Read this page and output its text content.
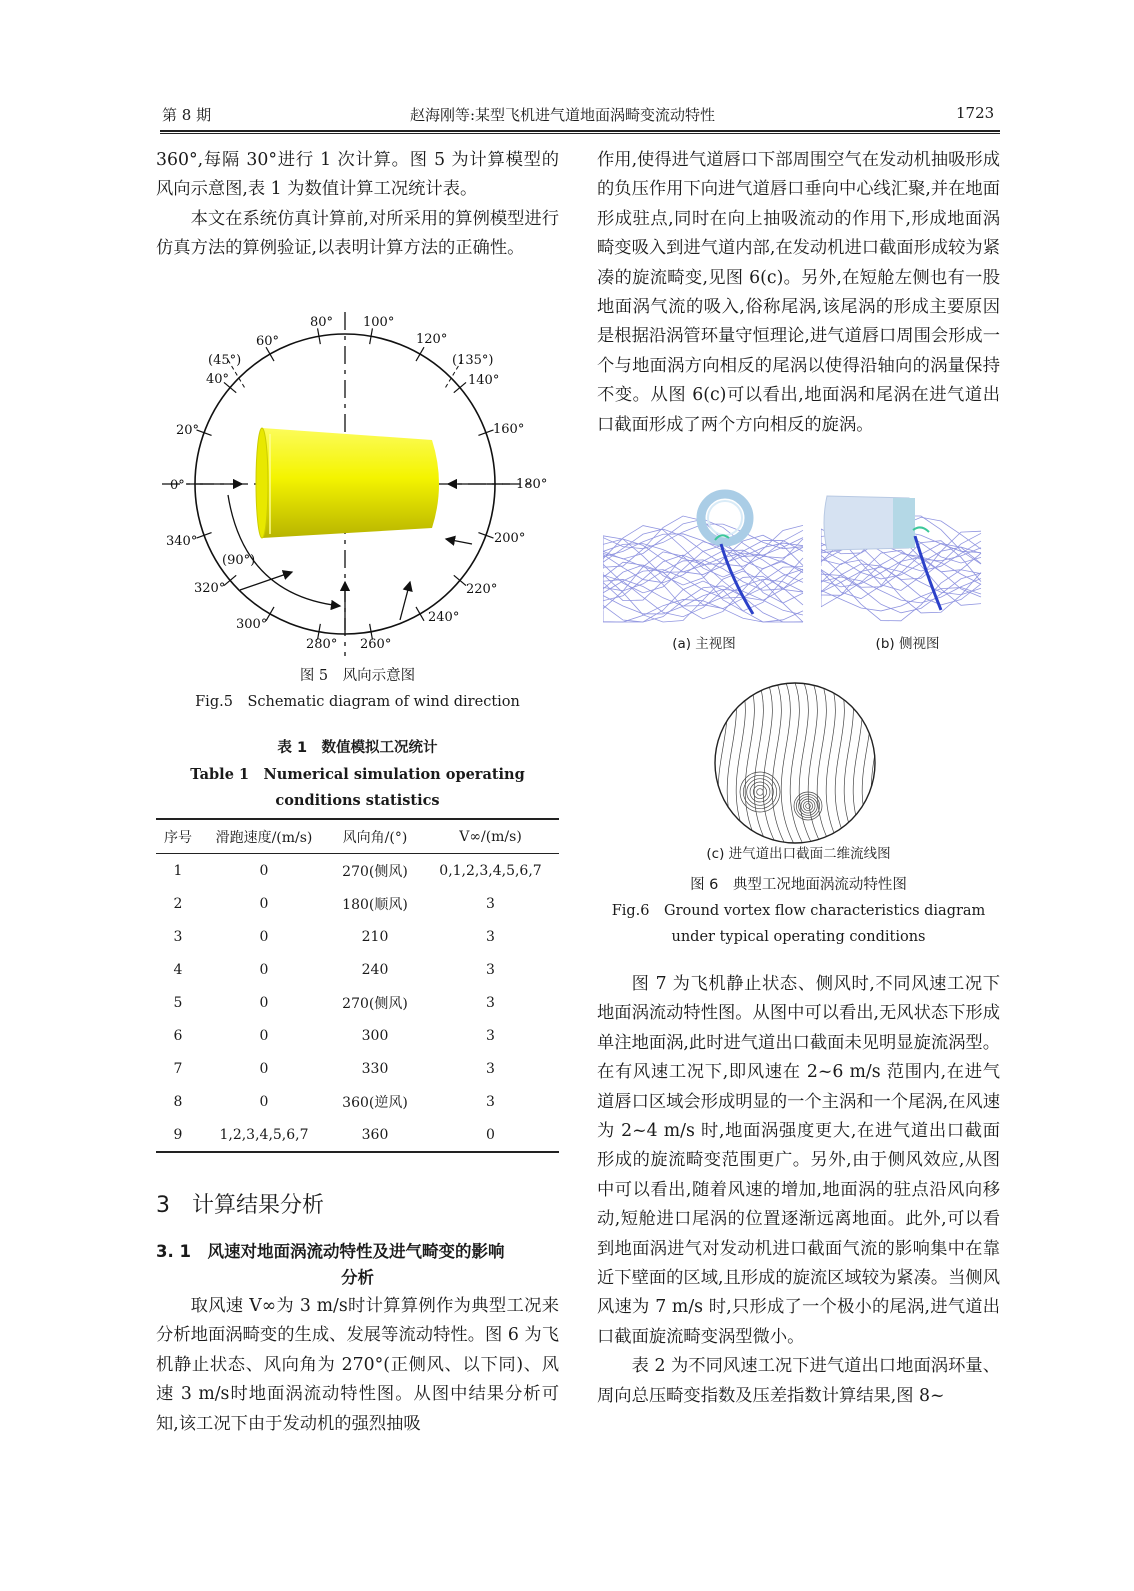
第 8 期	赵海刚等:某型飞机进气道地面涡畸变流动特性	1723

360°,每隔 30°进行 1 次计算。图 5 为计算模型的风向示意图,表 1 为数值计算工况统计表。

本文在系统仿真计算前,对所采用的算例模型进行仿真方法的算例验证,以表明计算方法的正确性。

80° 100°
60°	120°
(45°)	(135°)
40°	140°
20°	160°
0°	180°
340°	200°
(90°)
320°	220°
300°	240°
280° 260°
图 5　风向示意图
Fig.5　Schematic diagram of wind direction
表 1　数值模拟工况统计
Table 1　Numerical simulation operating
conditions statistics
序号	滑跑速度/(m/s)	风向角/(°)	V∞/(m/s)
1	0	270(侧风)	0,1,2,3,4,5,6,7
2	0	180(顺风)	3
3	0	210	3
4	0	240	3
5	0	270(侧风)	3
6	0	300	3
7	0	330	3
8	0	360(逆风)	3
9	1,2,3,4,5,6,7	360	0
3　计算结果分析
3. 1　风速对地面涡流动特性及进气畸变的影响
分析

取风速 V∞为 3 m/s时计算算例作为典型工况来分析地面涡畸变的生成、发展等流动特性。图 6 为飞机静止状态、风向角为 270°(正侧风、以下同)、风速 3 m/s时地面涡流动特性图。从图中结果分析可知,该工况下由于发动机的强烈抽吸

作用,使得进气道唇口下部周围空气在发动机抽吸形成的负压作用下向进气道唇口垂向中心线汇聚,并在地面形成驻点,同时在向上抽吸流动的作用下,形成地面涡畸变吸入到进气道内部,在发动机进口截面形成较为紧凑的旋流畸变,见图 6(c)。另外,在短舱左侧也有一股地面涡气流的吸入,俗称尾涡,该尾涡的形成主要原因是根据沿涡管环量守恒理论,进气道唇口周围会形成一个与地面涡方向相反的尾涡以使得沿轴向的涡量保持不变。从图 6(c)可以看出,地面涡和尾涡在进气道出口截面形成了两个方向相反的旋涡。

(a) 主视图	(b) 侧视图
(c) 进气道出口截面二维流线图
图 6　典型工况地面涡流动特性图
Fig.6　Ground vortex flow characteristics diagram
under typical operating conditions

图 7 为飞机静止状态、侧风时,不同风速工况下地面涡流动特性图。从图中可以看出,无风状态下形成单注地面涡,此时进气道出口截面未见明显旋流涡型。 在有风速工况下,即风速在 2~6 m/s 范围内,在进气道唇口区域会形成明显的一个主涡和一个尾涡,在风速为 2~4 m/s 时,地面涡强度更大,在进气道出口截面形成的旋流畸变范围更广。另外,由于侧风效应,从图中可以看出,随着风速的增加,地面涡的驻点沿风向移动,短舱进口尾涡的位置逐渐远离地面。此外,可以看到地面涡进气对发动机进口截面气流的影响集中在靠近下壁面的区域,且形成的旋流区域较为紧凑。当侧风风速为 7 m/s 时,只形成了一个极小的尾涡,进气道出口截面旋流畸变涡型微小。

表 2 为不同风速工况下进气道出口地面涡环量、周向总压畸变指数及压差指数计算结果,图 8~
